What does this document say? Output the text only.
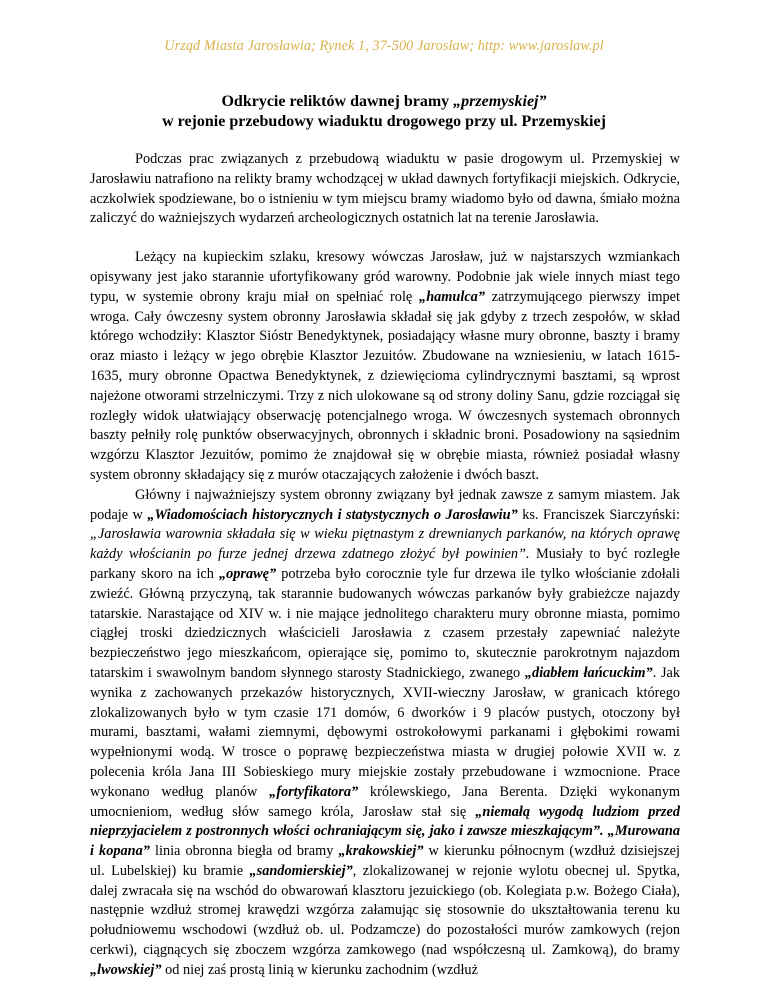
Urząd Miasta Jarosławia; Rynek 1, 37-500 Jarosław; http: www.jaroslaw.pl
Odkrycie reliktów dawnej bramy „przemyskiej”
w rejonie przebudowy wiaduktu drogowego przy ul. Przemyskiej

Podczas prac związanych z przebudową wiaduktu w pasie drogowym ul. Przemyskiej w Jarosławiu natrafiono na relikty bramy wchodzącej w układ dawnych fortyfikacji miejskich. Odkrycie, aczkolwiek spodziewane, bo o istnieniu w tym miejscu bramy wiadomo było od dawna, śmiało można zaliczyć do ważniejszych wydarzeń archeologicznych ostatnich lat na terenie Jarosławia.

Leżący na kupieckim szlaku, kresowy wówczas Jarosław, już w najstarszych wzmiankach opisywany jest jako starannie ufortyfikowany gród warowny. Podobnie jak wiele innych miast tego typu, w systemie obrony kraju miał on spełniać rolę „hamulca” zatrzymującego pierwszy impet wroga. Cały ówczesny system obronny Jarosławia składał się jak gdyby z trzech zespołów, w skład którego wchodziły: Klasztor Sióstr Benedyktynek, posiadający własne mury obronne, baszty i bramy oraz miasto i leżący w jego obrębie Klasztor Jezuitów. Zbudowane na wzniesieniu, w latach 1615-1635, mury obronne Opactwa Benedyktynek, z dziewięcioma cylindrycznymi basztami, są wprost najeżone otworami strzelniczymi. Trzy z nich ulokowane są od strony doliny Sanu, gdzie rozciągał się rozległy widok ułatwiający obserwację potencjalnego wroga. W ówczesnych systemach obronnych baszty pełniły rolę punktów obserwacyjnych, obronnych i składnic broni. Posadowiony na sąsiednim wzgórzu Klasztor Jezuitów, pomimo że znajdował się w obrębie miasta, również posiadał własny system obronny składający się z murów otaczających założenie i dwóch baszt.

Główny i najważniejszy system obronny związany był jednak zawsze z samym miastem. Jak podaje w „Wiadomościach historycznych i statystycznych o Jarosławiu” ks. Franciszek Siarczyński: „Jarosławia warownia składała się w wieku piętnastym z drewnianych parkanów, na których oprawę każdy włościanin po furze jednej drzewa zdatnego złożyć był powinien”. Musiały to być rozległe parkany skoro na ich „oprawę” potrzeba było corocznie tyle fur drzewa ile tylko włościanie zdołali zwieźć. Główną przyczyną, tak starannie budowanych wówczas parkanów były grabieżcze najazdy tatarskie. Narastające od XIV w. i nie mające jednolitego charakteru mury obronne miasta, pomimo ciągłej troski dziedzicznych właścicieli Jarosławia z czasem przestały zapewniać należyte bezpieczeństwo jego mieszkańcom, opierające się, pomimo to, skutecznie parokrotnym najazdom tatarskim i swawolnym bandom słynnego starosty Stadnickiego, zwanego „diabłem łańcuckim”. Jak wynika z zachowanych przekazów historycznych, XVII-wieczny Jarosław, w granicach którego zlokalizowanych było w tym czasie 171 domów, 6 dworków i 9 placów pustych, otoczony był murami, basztami, wałami ziemnymi, dębowymi ostrokołowymi parkanami i głębokimi rowami wypełnionymi wodą. W trosce o poprawę bezpieczeństwa miasta w drugiej połowie XVII w. z polecenia króla Jana III Sobieskiego mury miejskie zostały przebudowane i wzmocnione. Prace wykonano według planów „fortyfikatora” królewskiego, Jana Berenta. Dzięki wykonanym umocnieniom, według słów samego króla, Jarosław stał się „niemałą wygodą ludziom przed nieprzyjacielem z postronnych włości ochraniającym się, jako i zawsze mieszkającym”. „Murowana i kopana” linia obronna biegła od bramy „krakowskiej” w kierunku północnym (wzdłuż dzisiejszej ul. Lubelskiej) ku bramie „sandomierskiej”, zlokalizowanej w rejonie wylotu obecnej ul. Spytka, dalej zwracała się na wschód do obwarowań klasztoru jezuickiego (ob. Kolegiata p.w. Bożego Ciała), następnie wzdłuż stromej krawędzi wzgórza załamując się stosownie do ukształtowania terenu ku południowemu wschodowi (wzdłuż ob. ul. Podzamcze) do pozostałości murów zamkowych (rejon cerkwi), ciągnących się zboczem wzgórza zamkowego (nad współczesną ul. Zamkową), do bramy „lwowskiej” od niej zaś prostą linią w kierunku zachodnim (wzdłuż
